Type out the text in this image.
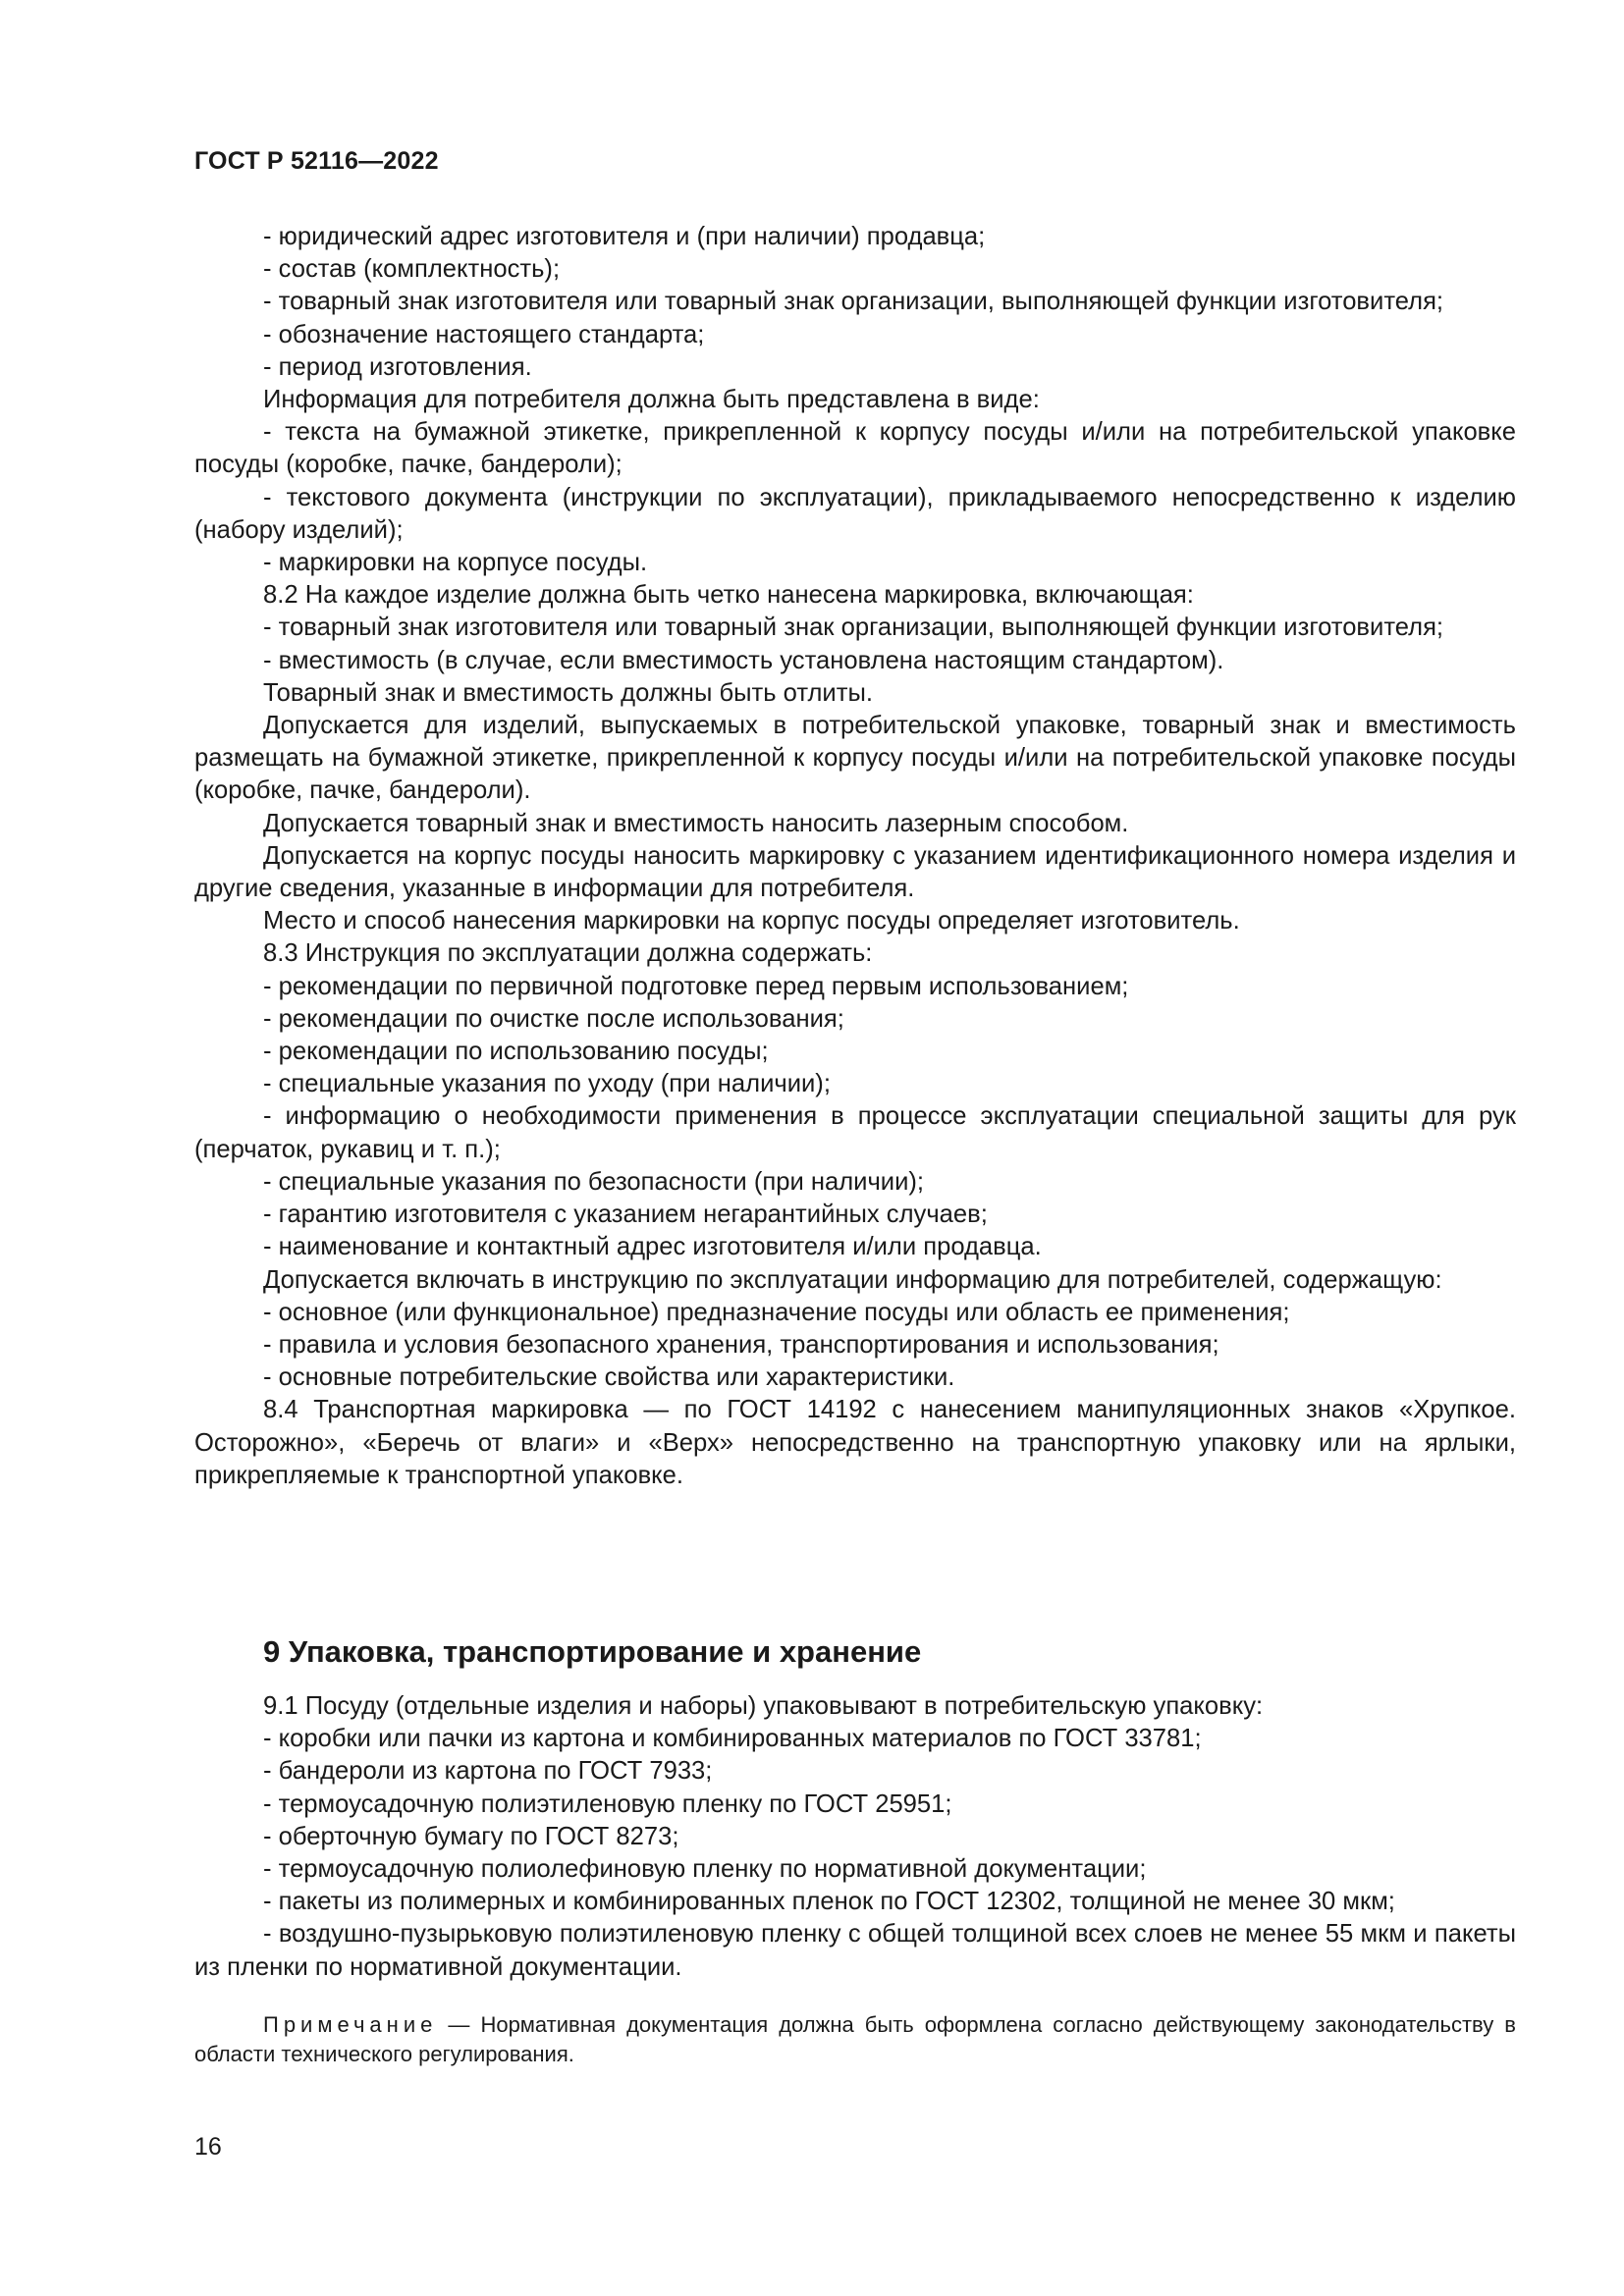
ГОСТ Р 52116—2022

- юридический адрес изготовителя и (при наличии) продавца;

- состав (комплектность);

- товарный знак изготовителя или товарный знак организации, выполняющей функции изготовителя;

- обозначение настоящего стандарта;

- период изготовления.

Информация для потребителя должна быть представлена в виде:

- текста на бумажной этикетке, прикрепленной к корпусу посуды и/или на потребительской упаковке посуды (коробке, пачке, бандероли);

- текстового документа (инструкции по эксплуатации), прикладываемого непосредственно к изделию (набору изделий);

- маркировки на корпусе посуды.

8.2 На каждое изделие должна быть четко нанесена маркировка, включающая:

- товарный знак изготовителя или товарный знак организации, выполняющей функции изготовителя;

- вместимость (в случае, если вместимость установлена настоящим стандартом).

Товарный знак и вместимость должны быть отлиты.

Допускается для изделий, выпускаемых в потребительской упаковке, товарный знак и вместимость размещать на бумажной этикетке, прикрепленной к корпусу посуды и/или на потребительской упаковке посуды (коробке, пачке, бандероли).

Допускается товарный знак и вместимость наносить лазерным способом.

Допускается на корпус посуды наносить маркировку с указанием идентификационного номера изделия и другие сведения, указанные в информации для потребителя.

Место и способ нанесения маркировки на корпус посуды определяет изготовитель.

8.3 Инструкция по эксплуатации должна содержать:

- рекомендации по первичной подготовке перед первым использованием;

- рекомендации по очистке после использования;

- рекомендации по использованию посуды;

- специальные указания по уходу (при наличии);

- информацию о необходимости применения в процессе эксплуатации специальной защиты для рук (перчаток, рукавиц и т. п.);

- специальные указания по безопасности (при наличии);

- гарантию изготовителя с указанием негарантийных случаев;

- наименование и контактный адрес изготовителя и/или продавца.

Допускается включать в инструкцию по эксплуатации информацию для потребителей, содержащую:

- основное (или функциональное) предназначение посуды или область ее применения;

- правила и условия безопасного хранения, транспортирования и использования;

- основные потребительские свойства или характеристики.

8.4 Транспортная маркировка — по ГОСТ 14192 с нанесением манипуляционных знаков «Хрупкое. Осторожно», «Беречь от влаги» и «Верх» непосредственно на транспортную упаковку или на ярлыки, прикрепляемые к транспортной упаковке.

9 Упаковка, транспортирование и хранение

9.1 Посуду (отдельные изделия и наборы) упаковывают в потребительскую упаковку:

- коробки или пачки из картона и комбинированных материалов по ГОСТ 33781;

- бандероли из картона по ГОСТ 7933;

- термоусадочную полиэтиленовую пленку по ГОСТ 25951;

- оберточную бумагу по ГОСТ 8273;

- термоусадочную полиолефиновую пленку по нормативной документации;

- пакеты из полимерных и комбинированных пленок по ГОСТ 12302, толщиной не менее 30 мкм;

- воздушно-пузырьковую полиэтиленовую пленку с общей толщиной всех слоев не менее 55 мкм и пакеты из пленки по нормативной документации.

Примечание — Нормативная документация должна быть оформлена согласно действующему законодательству в области технического регулирования.

16
